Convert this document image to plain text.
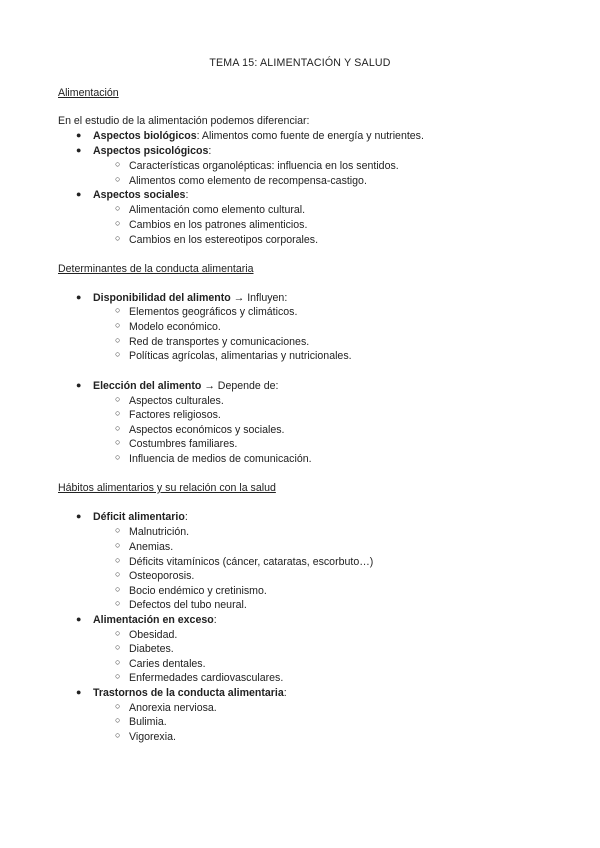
TEMA 15: ALIMENTACIÓN Y SALUD
Alimentación
En el estudio de la alimentación podemos diferenciar:
● Aspectos biológicos: Alimentos como fuente de energía y nutrientes.
● Aspectos psicológicos:
○ Características organolépticas: influencia en los sentidos.
○ Alimentos como elemento de recompensa-castigo.
● Aspectos sociales:
○ Alimentación como elemento cultural.
○ Cambios en los patrones alimenticios.
○ Cambios en los estereotipos corporales.
Determinantes de la conducta alimentaria
● Disponibilidad del alimento → Influyen:
○ Elementos geográficos y climáticos.
○ Modelo económico.
○ Red de transportes y comunicaciones.
○ Políticas agrícolas, alimentarias y nutricionales.
● Elección del alimento → Depende de:
○ Aspectos culturales.
○ Factores religiosos.
○ Aspectos económicos y sociales.
○ Costumbres familiares.
○ Influencia de medios de comunicación.
Hábitos alimentarios y su relación con la salud
● Déficit alimentario:
○ Malnutrición.
○ Anemias.
○ Déficits vitamínicos (cáncer, cataratas, escorbuto…)
○ Osteoporosis.
○ Bocio endémico y cretinismo.
○ Defectos del tubo neural.
● Alimentación en exceso:
○ Obesidad.
○ Diabetes.
○ Caries dentales.
○ Enfermedades cardiovasculares.
● Trastornos de la conducta alimentaria:
○ Anorexia nerviosa.
○ Bulimia.
○ Vigorexia.
